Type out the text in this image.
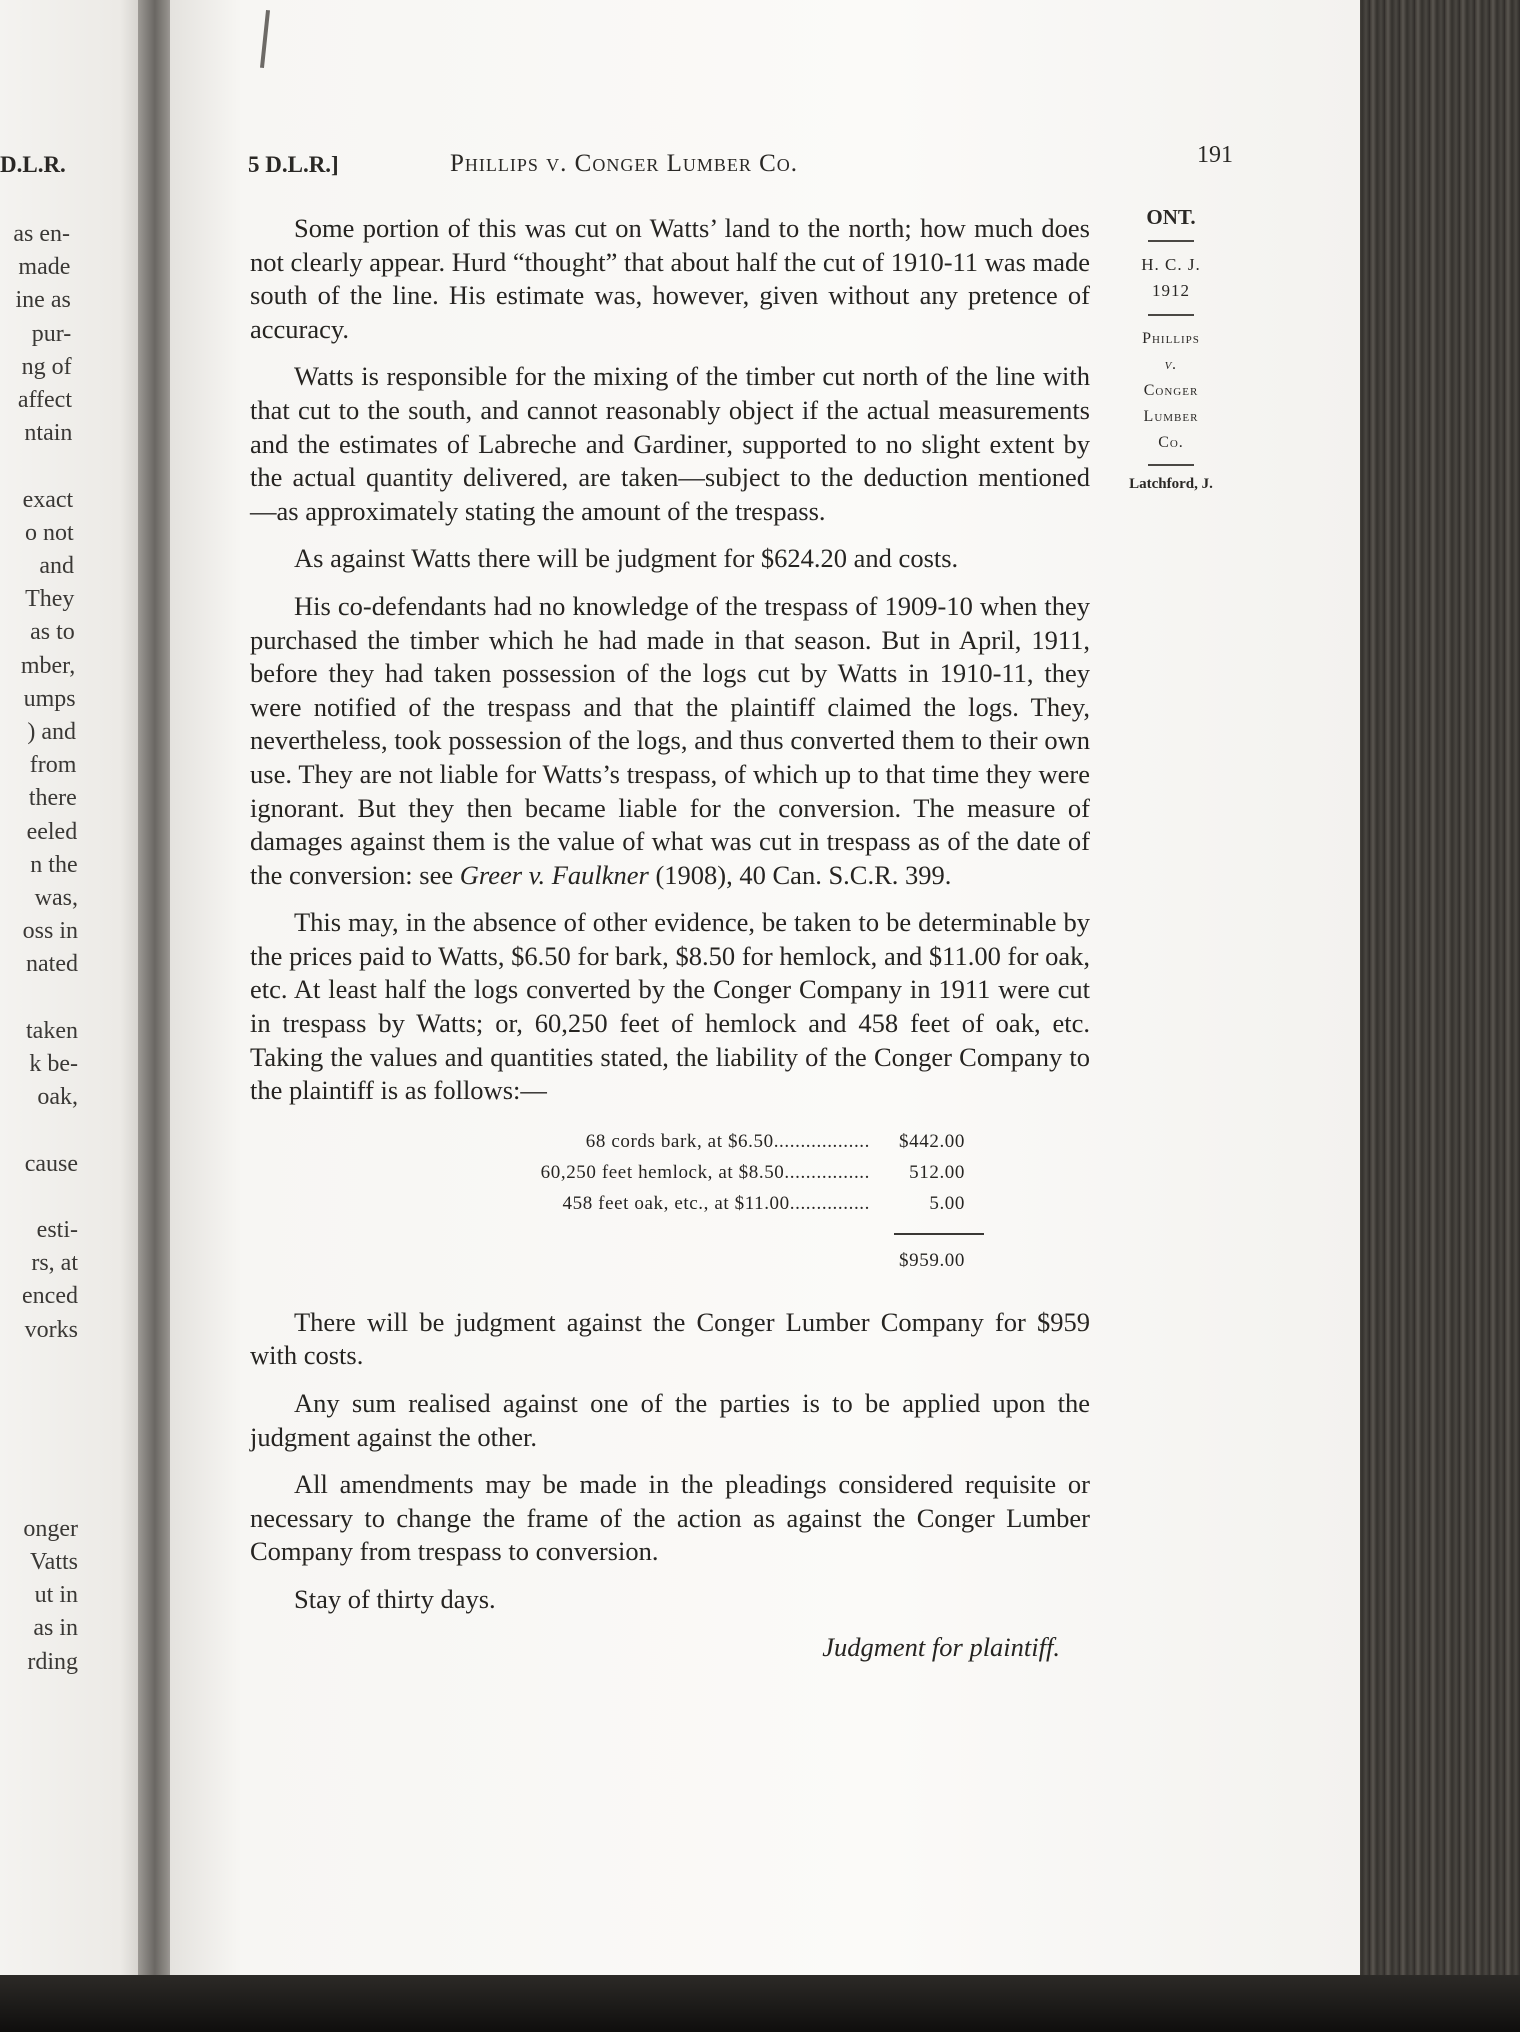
D.L.R.
as en-
made
ine as
pur-
ng of
affect
ntain
exact
o not
and
They
as to
mber,
umps
) and
from
there
eeled
n the
was,
oss in
nated
taken
k be-
oak,
cause
esti-
rs, at
enced
vorks
onger
Vatts
ut in
as in
rding
5 D.L.R.]	Phillips v. Conger Lumber Co.	191
ONT.
H. C. J.
1912
Phillips
v.
Conger
Lumber
Co.
Latchford, J.

Some portion of this was cut on Watts’ land to the north; how much does not clearly appear. Hurd “thought” that about half the cut of 1910-11 was made south of the line. His estimate was, however, given without any pretence of accuracy.

Watts is responsible for the mixing of the timber cut north of the line with that cut to the south, and cannot reasonably object if the actual measurements and the estimates of Labreche and Gardiner, supported to no slight extent by the actual quantity delivered, are taken—subject to the deduction mentioned —as approximately stating the amount of the trespass.

As against Watts there will be judgment for $624.20 and costs.

His co-defendants had no knowledge of the trespass of 1909-10 when they purchased the timber which he had made in that season. But in April, 1911, before they had taken possession of the logs cut by Watts in 1910-11, they were notified of the trespass and that the plaintiff claimed the logs. They, nevertheless, took possession of the logs, and thus converted them to their own use. They are not liable for Watts’s trespass, of which up to that time they were ignorant. But they then became liable for the conversion. The measure of damages against them is the value of what was cut in trespass as of the date of the conversion: see Greer v. Faulkner (1908), 40 Can. S.C.R. 399.

This may, in the absence of other evidence, be taken to be determinable by the prices paid to Watts, $6.50 for bark, $8.50 for hemlock, and $11.00 for oak, etc. At least half the logs converted by the Conger Company in 1911 were cut in trespass by Watts; or, 60,250 feet of hemlock and 458 feet of oak, etc. Taking the values and quantities stated, the liability of the Conger Company to the plaintiff is as follows:—

68 cords bark, at $6.50..................	$442.00
60,250 feet hemlock, at $8.50................	512.00
458 feet oak, etc., at $11.00...............	5.00
$959.00

There will be judgment against the Conger Lumber Company for $959 with costs.

Any sum realised against one of the parties is to be applied upon the judgment against the other.

All amendments may be made in the pleadings considered requisite or necessary to change the frame of the action as against the Conger Lumber Company from trespass to conversion.

Stay of thirty days.

Judgment for plaintiff.
